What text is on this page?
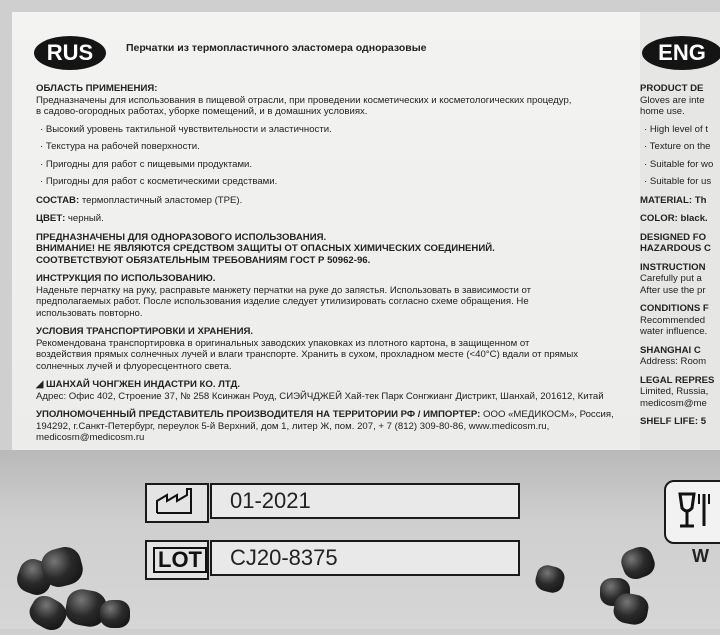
RUS	Перчатки из термопластичного эластомера одноразовые

ОБЛАСТЬ ПРИМЕНЕНИЯ:

Предназначены для использования в пищевой отрасли, при проведении косметических и косметологических процедур,

в садово-огородных работах, уборке помещений, и в домашних условиях.

· Высокий уровень тактильной чувствительности и эластичности.

· Текстура на рабочей поверхности.

· Пригодны для работ с пищевыми продуктами.

· Пригодны для работ с косметическими средствами.

СОСТАВ: термопластичный эластомер (TPE).

ЦВЕТ: черный.

ПРЕДНАЗНАЧЕНЫ ДЛЯ ОДНОРАЗОВОГО ИСПОЛЬЗОВАНИЯ.

ВНИМАНИЕ! НЕ ЯВЛЯЮТСЯ СРЕДСТВОМ ЗАЩИТЫ ОТ ОПАСНЫХ ХИМИЧЕСКИХ СОЕДИНЕНИЙ.

СООТВЕТСТВУЮТ ОБЯЗАТЕЛЬНЫМ ТРЕБОВАНИЯМ ГОСТ Р 50962-96.

ИНСТРУКЦИЯ ПО ИСПОЛЬЗОВАНИЮ.

Наденьте перчатку на руку, расправьте манжету перчатки на руке до запястья. Использовать в зависимости от

предполагаемых работ. После использования изделие следует утилизировать согласно схеме обращения. Не

использовать повторно.

УСЛОВИЯ ТРАНСПОРТИРОВКИ И ХРАНЕНИЯ.

Рекомендована транспортировка в оригинальных заводских упаковках из плотного картона, в защищенном от

воздействия прямых солнечных лучей и влаги транспорте. Хранить в сухом, прохладном месте (<40°C) вдали от прямых

солнечных лучей и флуоресцентного света.

◢ ШАНХАЙ ЧОНГЖЕН ИНДАСТРИ КО. ЛТД.

Адрес: Офис 402, Строение 37, № 258 Ксинжан Роуд, СИЭЙЧДЖЕЙ Хай-тек Парк Сонгжианг Дистрикт, Шанхай, 201612, Китай

УПОЛНОМОЧЕННЫЙ ПРЕДСТАВИТЕЛЬ ПРОИЗВОДИТЕЛЯ НА ТЕРРИТОРИИ РФ / ИМПОРТЕР: ООО «МЕДИКОСМ», Россия,

194292, г.Санкт-Петербург, переулок 5-й Верхний, дом 1, литер Ж, пом. 207, + 7 (812) 309-80-86, www.medicosm.ru,

medicosm@medicosm.ru

ENG

PRODUCT DE

Gloves are inte

home use.

· High level of t

· Texture on the

· Suitable for wo

· Suitable for us

MATERIAL: Th

COLOR: black.

DESIGNED FO

HAZARDOUS C

INSTRUCTION

Carefully put a

After use the pr

CONDITIONS F

Recommended

water influence.

SHANGHAI C

Address: Room

LEGAL REPRES

Limited, Russia,

medicosm@me

SHELF LIFE: 5

01-2021
LOT	CJ20-8375	W
